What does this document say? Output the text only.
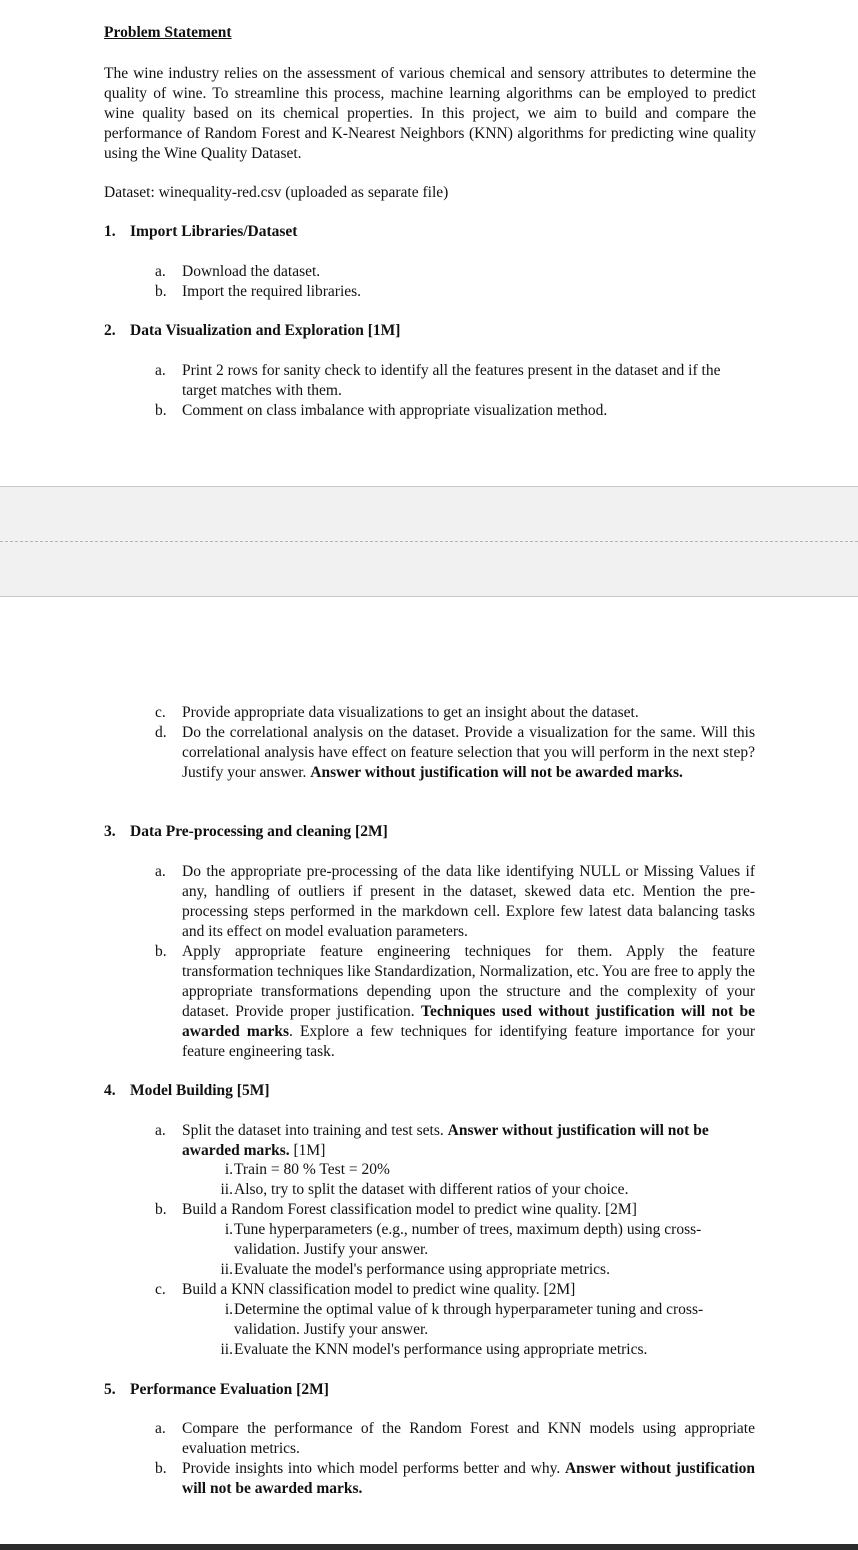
Problem Statement

The wine industry relies on the assessment of various chemical and sensory attributes to determine the quality of wine. To streamline this process, machine learning algorithms can be employed to predict wine quality based on its chemical properties. In this project, we aim to build and compare the performance of Random Forest and K-Nearest Neighbors (KNN) algorithms for predicting wine quality using the Wine Quality Dataset.

Dataset: winequality-red.csv (uploaded as separate file)

1. Import Libraries/Dataset

a.	Download the dataset.
b. Import the required libraries.

2. Data Visualization and Exploration [1M]

a.	Print 2 rows for sanity check to identify all the features present in the dataset and if the target matches with them.
b. Comment on class imbalance with appropriate visualization method.
c.	Provide appropriate data visualizations to get an insight about the dataset.
d. Do the correlational analysis on the dataset. Provide a visualization for the same. Will this correlational analysis have effect on feature selection that you will perform in the next step? Justify your answer. Answer without justification will not be awarded marks.

3. Data Pre-processing and cleaning [2M]

a.	Do the appropriate pre-processing of the data like identifying NULL or Missing Values if any, handling of outliers if present in the dataset, skewed data etc. Mention the pre-processing steps performed in the markdown cell. Explore few latest data balancing tasks and its effect on model evaluation parameters.
b. Apply appropriate feature engineering techniques for them. Apply the feature transformation techniques like Standardization, Normalization, etc. You are free to apply the appropriate transformations depending upon the structure and the complexity of your dataset. Provide proper justification. Techniques used without justification will not be awarded marks. Explore a few techniques for identifying feature importance for your feature engineering task.

4. Model Building [5M]

a.	Split the dataset into training and test sets. Answer without justification will not be awarded marks. [1M]
i. Train = 80 % Test = 20%
ii. Also, try to split the dataset with different ratios of your choice.
b. Build a Random Forest classification model to predict wine quality. [2M]
i. Tune hyperparameters (e.g., number of trees, maximum depth) using cross-validation. Justify your answer.
ii. Evaluate the model's performance using appropriate metrics.
c.	Build a KNN classification model to predict wine quality. [2M]
i. Determine the optimal value of k through hyperparameter tuning and cross-validation. Justify your answer.
ii. Evaluate the KNN model's performance using appropriate metrics.

5. Performance Evaluation [2M]

a.	Compare the performance of the Random Forest and KNN models using appropriate evaluation metrics.
b. Provide insights into which model performs better and why. Answer without justification will not be awarded marks.
